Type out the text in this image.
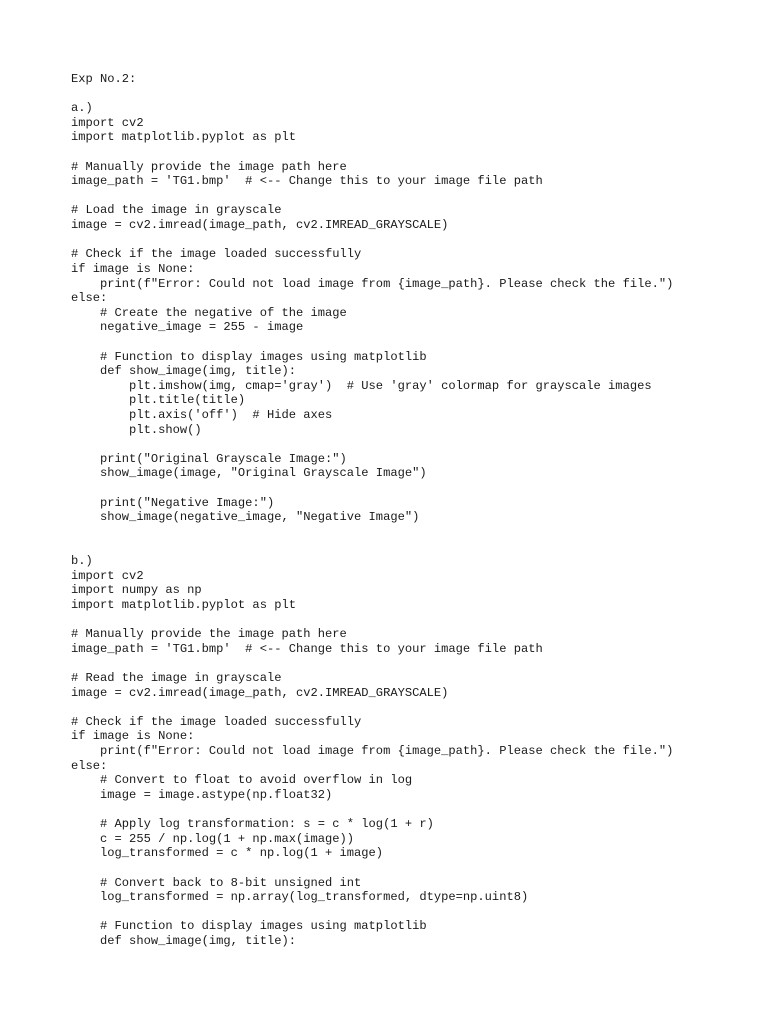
Exp No.2:
a.)
import cv2
import matplotlib.pyplot as plt
# Manually provide the image path here
image_path = 'TG1.bmp'  # <-- Change this to your image file path
# Load the image in grayscale
image = cv2.imread(image_path, cv2.IMREAD_GRAYSCALE)
# Check if the image loaded successfully
if image is None:
print(f"Error: Could not load image from {image_path}. Please check the file.")
else:
# Create the negative of the image
negative_image = 255 - image
# Function to display images using matplotlib
def show_image(img, title):
plt.imshow(img, cmap='gray')  # Use 'gray' colormap for grayscale images
plt.title(title)
plt.axis('off')  # Hide axes
plt.show()
print("Original Grayscale Image:")
show_image(image, "Original Grayscale Image")
print("Negative Image:")
show_image(negative_image, "Negative Image")
b.)
import cv2
import numpy as np
import matplotlib.pyplot as plt
# Manually provide the image path here
image_path = 'TG1.bmp'  # <-- Change this to your image file path
# Read the image in grayscale
image = cv2.imread(image_path, cv2.IMREAD_GRAYSCALE)
# Check if the image loaded successfully
if image is None:
print(f"Error: Could not load image from {image_path}. Please check the file.")
else:
# Convert to float to avoid overflow in log
image = image.astype(np.float32)
# Apply log transformation: s = c * log(1 + r)
c = 255 / np.log(1 + np.max(image))
log_transformed = c * np.log(1 + image)
# Convert back to 8-bit unsigned int
log_transformed = np.array(log_transformed, dtype=np.uint8)
# Function to display images using matplotlib
def show_image(img, title):
